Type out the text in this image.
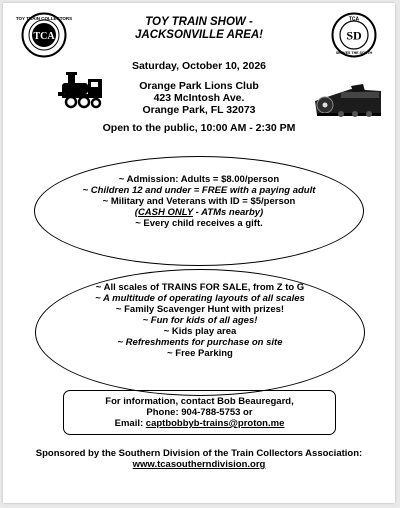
TOY TRAIN COLLECTORS
TCA
TOY TRAIN SHOW -
JACKSONVILLE AREA!
TCA
SD
SERVES THE SOUTH
Saturday, October 10, 2026
Orange Park Lions Club
423 McIntosh Ave.
Orange Park, FL 32073
Open to the public, 10:00 AM - 2:30 PM
~ Admission: Adults = $8.00/person
~ Children 12 and under = FREE with a paying adult
~ Military and Veterans with ID = $5/person
(CASH ONLY - ATMs nearby)
~ Every child receives a gift.
~ All scales of TRAINS FOR SALE, from Z to G
~ A multitude of operating layouts of all scales
~ Family Scavenger Hunt with prizes!
~ Fun for kids of all ages!
~ Kids play area
~ Refreshments for purchase on site
~ Free Parking
For information, contact Bob Beauregard,
Phone: 904-788-5753 or
Email: captbobbyb-trains@proton.me
Sponsored by the Southern Division of the Train Collectors Association:
www.tcasoutherndivision.org
